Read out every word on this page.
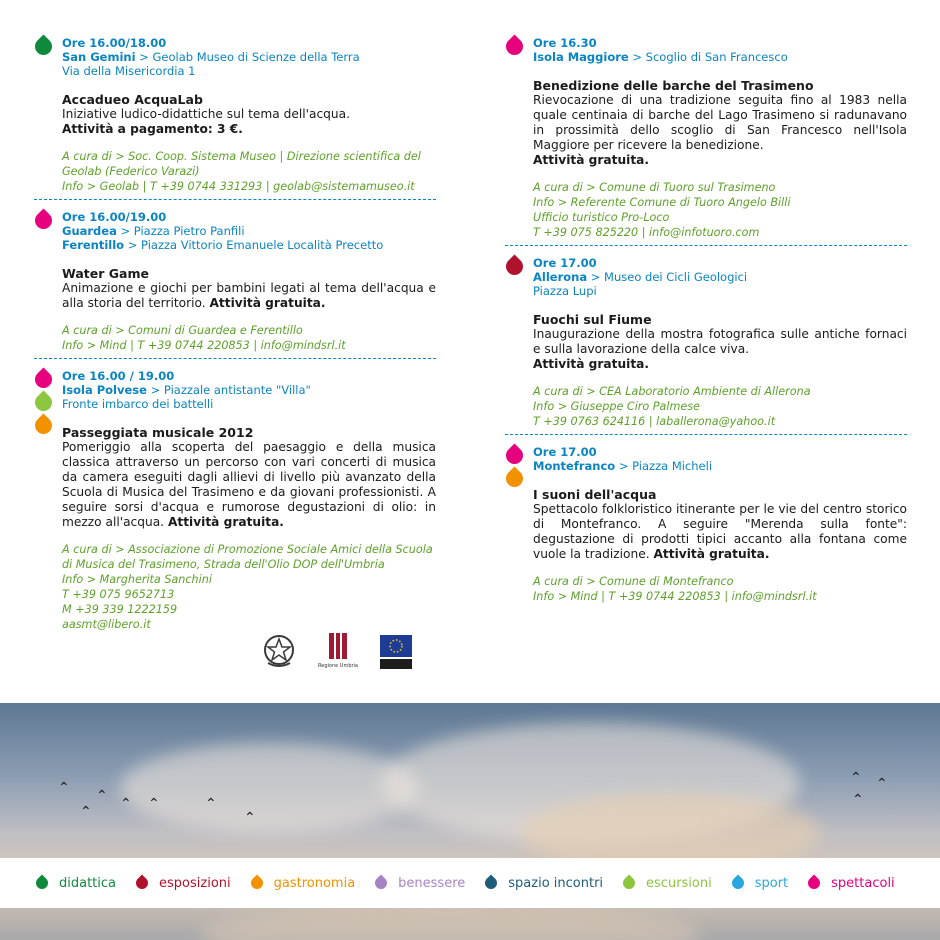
Ore 16.00/18.00
San Gemini > Geolab Museo di Scienze della Terra
Via della Misericordia 1
Accadueo AcquaLab
Iniziative ludico-didattiche sul tema dell'acqua.
Attività a pagamento: 3 €.
A cura di > Soc. Coop. Sistema Museo | Direzione scientifica del
Geolab (Federico Varazi)
Info > Geolab | T +39 0744 331293 | geolab@sistemamuseo.it
Ore 16.00/19.00
Guardea > Piazza Pietro Panfili
Ferentillo > Piazza Vittorio Emanuele Località Precetto
Water Game
Animazione e giochi per bambini legati al tema dell'acqua e alla storia del territorio. Attività gratuita.
A cura di > Comuni di Guardea e Ferentillo
Info > Mind | T +39 0744 220853 | info@mindsrl.it
Ore 16.00 / 19.00
Isola Polvese > Piazzale antistante "Villa"
Fronte imbarco dei battelli
Passeggiata musicale 2012
Pomeriggio alla scoperta del paesaggio e della musica classica attraverso un percorso con vari concerti di musica da camera eseguiti dagli allievi di livello più avanzato della Scuola di Musica del Trasimeno e da giovani professionisti. A seguire sorsi d'acqua e rumorose degustazioni di olio: in mezzo all'acqua. Attività gratuita.
A cura di > Associazione di Promozione Sociale Amici della Scuola
di Musica del Trasimeno, Strada dell'Olio DOP dell'Umbria
Info > Margherita Sanchini
T +39 075 9652713
M +39 339 1222159
aasmt@libero.it
Regione Umbria
Ore 16.30
Isola Maggiore > Scoglio di San Francesco
Benedizione delle barche del Trasimeno
Rievocazione di una tradizione seguita fino al 1983 nella quale centinaia di barche del Lago Trasimeno si radunavano in prossimità dello scoglio di San Francesco nell'Isola Maggiore per ricevere la benedizione.
Attività gratuita.
A cura di > Comune di Tuoro sul Trasimeno
Info > Referente Comune di Tuoro Angelo Billi
Ufficio turistico Pro-Loco
T +39 075 825220 | info@infotuoro.com
Ore 17.00
Allerona > Museo dei Cicli Geologici
Piazza Lupi
Fuochi sul Fiume
Inaugurazione della mostra fotografica sulle antiche fornaci e sulla lavorazione della calce viva.
Attività gratuita.
A cura di > CEA Laboratorio Ambiente di Allerona
Info > Giuseppe Ciro Palmese
T +39 0763 624116 | laballerona@yahoo.it
Ore 17.00
Montefranco > Piazza Micheli
I suoni dell'acqua
Spettacolo folkloristico itinerante per le vie del centro storico di Montefranco. A seguire "Merenda sulla fonte": degustazione di prodotti tipici accanto alla fontana come vuole la tradizione. Attività gratuita.
A cura di > Comune di Montefranco
Info > Mind | T +39 0744 220853 | info@mindsrl.it
⌃ ⌃ ⌃
⌃	⌃	⌃
⌃
⌃ ⌃
⌃
didattica	esposizioni	gastronomia	benessere	spazio incontri	escursioni	sport	spettacoli
